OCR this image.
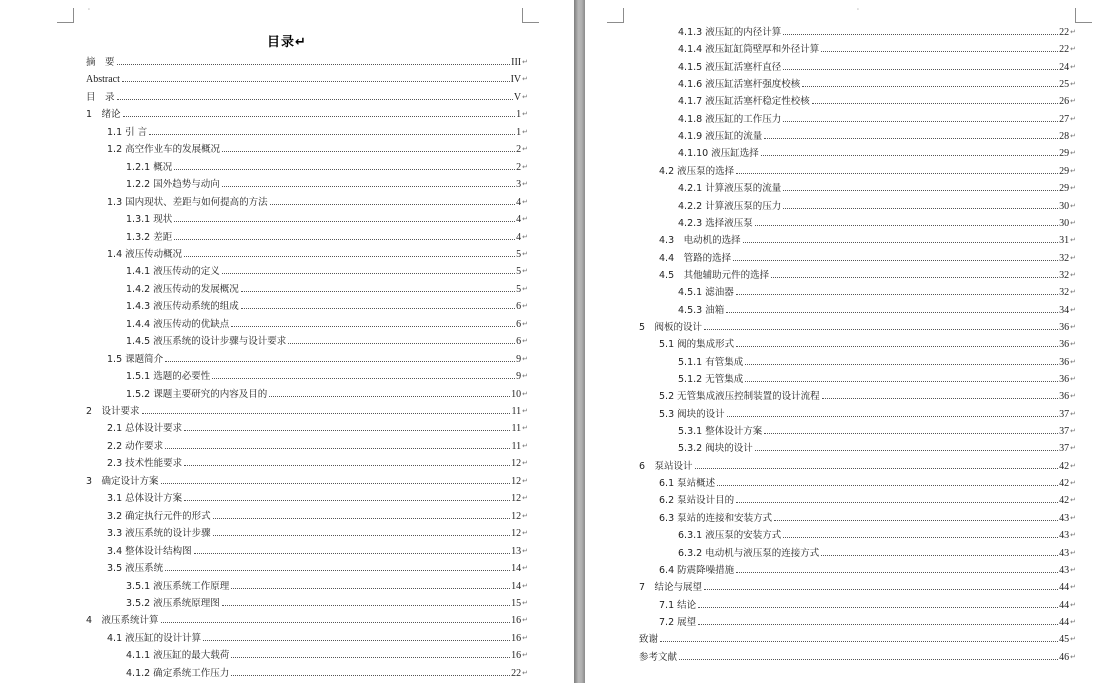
ˌ
目录↵
摘　要	III ↵
Abstract	IV ↵
目　录	V ↵
1　绪论	1 ↵
1.1 引 言	1 ↵
1.2 高空作业车的发展概况	2 ↵
1.2.1 概况	2 ↵
1.2.2 国外趋势与动向	3 ↵
1.3 国内现状、差距与如何提高的方法	4 ↵
1.3.1 现状	4 ↵
1.3.2 差距	4 ↵
1.4 液压传动概况	5 ↵
1.4.1 液压传动的定义	5 ↵
1.4.2 液压传动的发展概况	5 ↵
1.4.3 液压传动系统的组成	6 ↵
1.4.4 液压传动的优缺点	6 ↵
1.4.5 液压系统的设计步骤与设计要求	6 ↵
1.5 课题简介	9 ↵
1.5.1 选题的必要性	9 ↵
1.5.2 课题主要研究的内容及目的	10 ↵
2　设计要求	11 ↵
2.1 总体设计要求	11 ↵
2.2 动作要求	11 ↵
2.3 技术性能要求	12 ↵
3　确定设计方案	12 ↵
3.1 总体设计方案	12 ↵
3.2 确定执行元件的形式	12 ↵
3.3 液压系统的设计步骤	12 ↵
3.4 整体设计结构图	13 ↵
3.5 液压系统	14 ↵
3.5.1 液压系统工作原理	14 ↵
3.5.2 液压系统原理图	15 ↵
4　液压系统计算	16 ↵
4.1 液压缸的设计计算	16 ↵
4.1.1 液压缸的最大载荷	16 ↵
4.1.2 确定系统工作压力	22 ↵
ˌ
4.1.3 液压缸的内径计算	22 ↵
4.1.4 液压缸缸筒壁厚和外径计算	22 ↵
4.1.5 液压缸活塞杆直径	24 ↵
4.1.6 液压缸活塞杆强度校核	25 ↵
4.1.7 液压缸活塞杆稳定性校核	26 ↵
4.1.8 液压缸的工作压力	27 ↵
4.1.9 液压缸的流量	28 ↵
4.1.10 液压缸选择	29 ↵
4.2 液压泵的选择	29 ↵
4.2.1 计算液压泵的流量	29 ↵
4.2.2 计算液压泵的压力	30 ↵
4.2.3 选择液压泵	30 ↵
4.3　电动机的选择	31 ↵
4.4　管路的选择	32 ↵
4.5　其他辅助元件的选择	32 ↵
4.5.1 滤油器	32 ↵
4.5.3 油箱	34 ↵
5　阀板的设计	36 ↵
5.1 阀的集成形式	36 ↵
5.1.1 有管集成	36 ↵
5.1.2 无管集成	36 ↵
5.2 无管集成液压控制装置的设计流程	36 ↵
5.3 阀块的设计	37 ↵
5.3.1 整体设计方案	37 ↵
5.3.2 阀块的设计	37 ↵
6　泵站设计	42 ↵
6.1 泵站概述	42 ↵
6.2 泵站设计目的	42 ↵
6.3 泵站的连接和安装方式	43 ↵
6.3.1 液压泵的安装方式	43 ↵
6.3.2 电动机与液压泵的连接方式	43 ↵
6.4 防震降噪措施	43 ↵
7　结论与展望	44 ↵
7.1 结论	44 ↵
7.2 展望	44 ↵
致谢	45 ↵
参考文献	46 ↵
